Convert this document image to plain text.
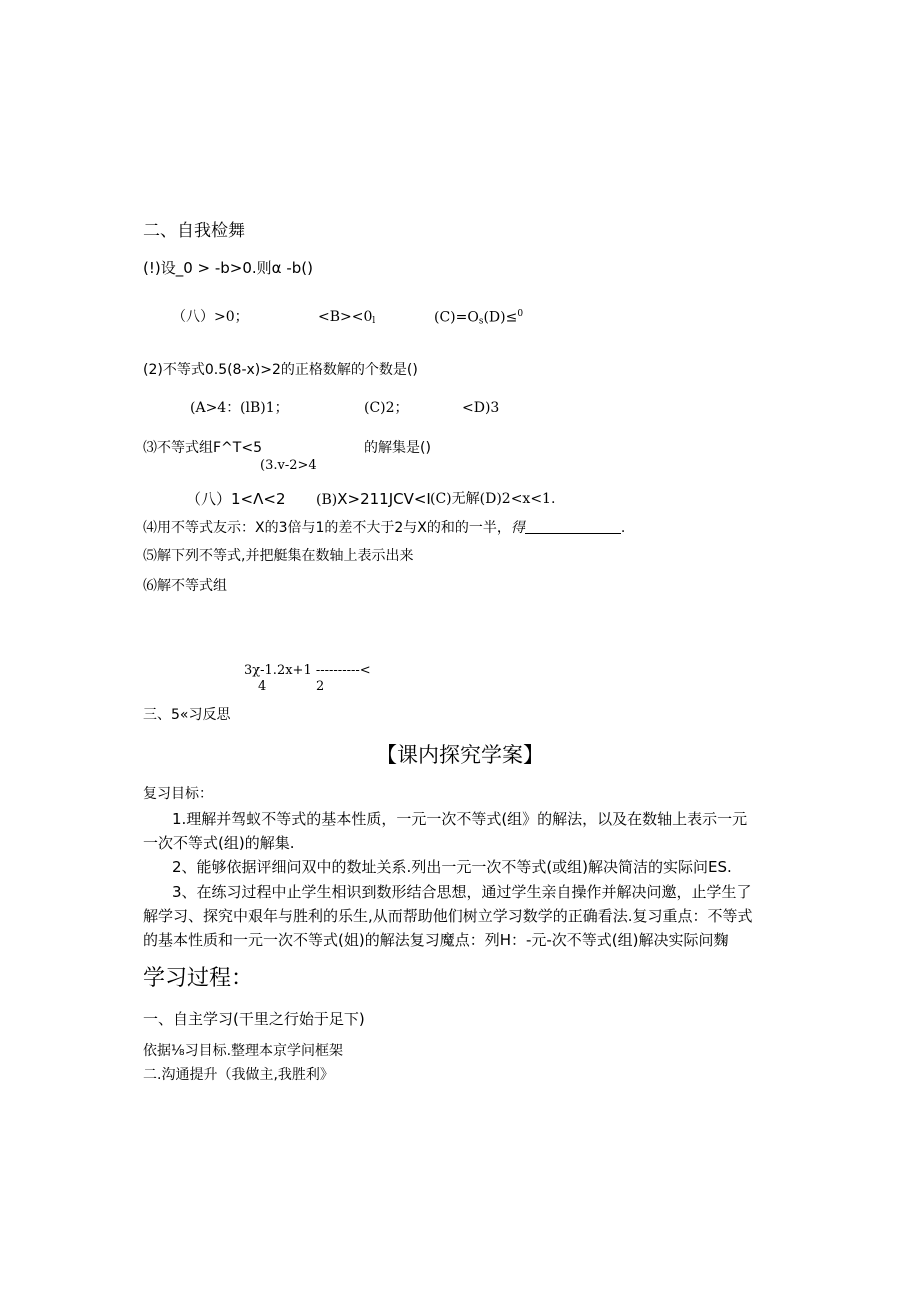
二、自我检舞
(!)设_0 > -b>0.则α -b()
（八）>0；	$<B><0_l$	$(C)=O_s(D)\le^0$
(2)不等式0.5(8-x)>2的正格数解的个数是()
(A>4： (lB)1；	(C)2；	<D)3
⑶不等式组F^T<5	的解集是()
(3.v-2>4
（八）1<Λ<2 (B)X>211JCV<I (C)无解(D)2<x<1.
⑷用不等式友示：X的3倍与1的差不大于2与X的和的一半，得	.
⑸解下列不等式,并把艇集在数轴上表示出来
⑹解不等式组
3χ-1.2x+1 ----------<
4	2
三、5«习反思
【课内探究学案】
复习目标：
1.理解并驾蚁不等式的基本性质，一元一次不等式(组》的解法，以及在数轴上表示一元
一次不等式(组)的解集.
2、能够依据评细问双中的数址关系.列出一元一次不等式(或组)解决简洁的实际问ES.
3、在练习过程中止学生相识到数形结合思想，通过学生亲自操作并解决问邀，止学生了
解学习、探究中艰年与胜利的乐生,从而帮助他们树立学习数学的正确看法.复习重点：不等式
的基本性质和一元一次不等式(姐)的解法复习魔点：列H：-元-次不等式(组)解决实际问麴
学习过程：
一、自主学习(干里之行始于足下)
依据⅛习目标.整理本京学问框架
二.沟通提升（我做主,我胜利》
